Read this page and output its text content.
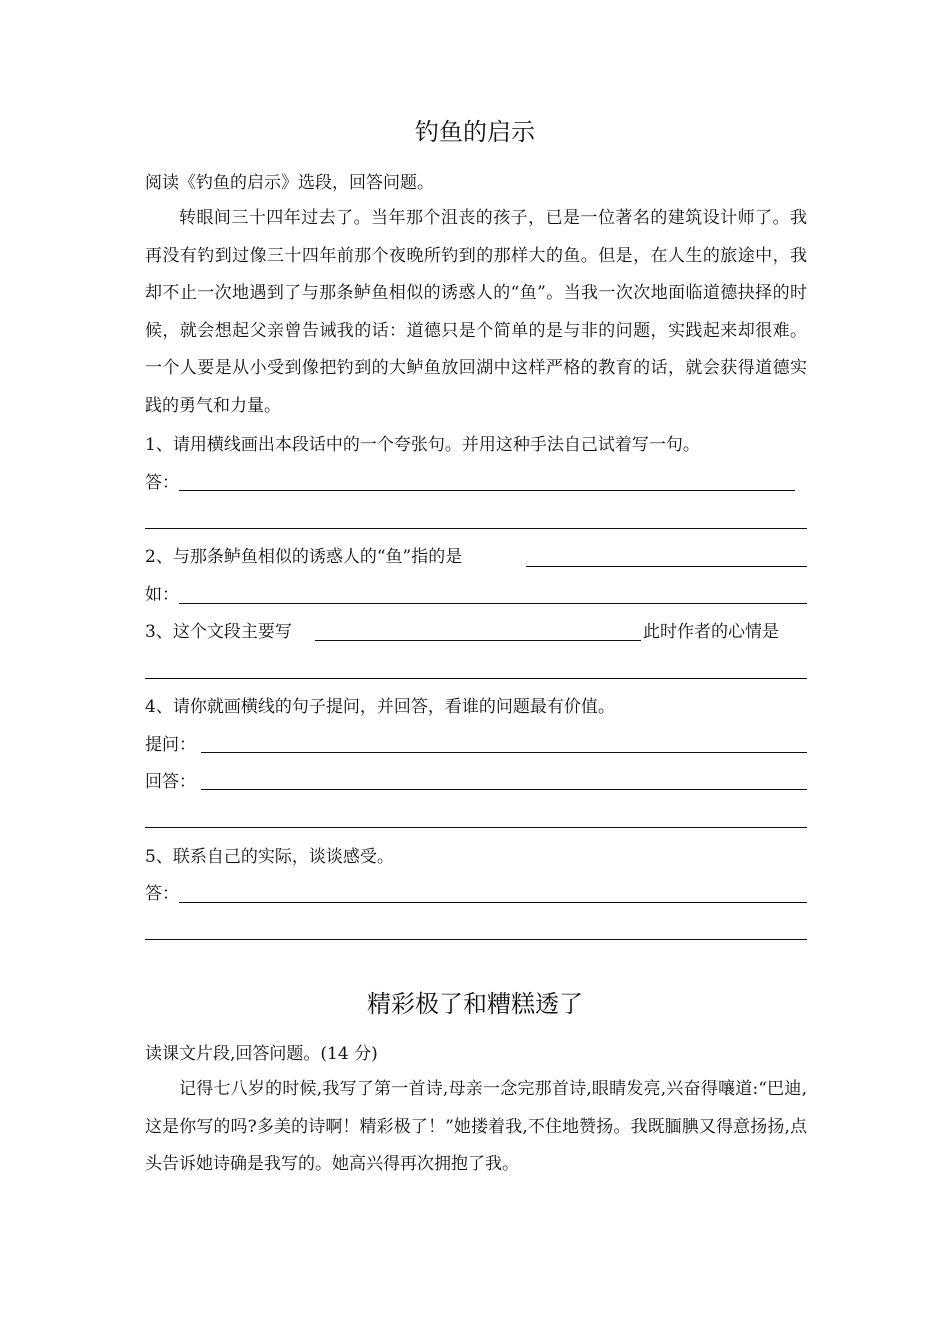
钓鱼的启示
阅读《钓鱼的启示》选段，回答问题。
转眼间三十四年过去了。当年那个沮丧的孩子，已是一位著名的建筑设计师了。我再没有钓到过像三十四年前那个夜晚所钓到的那样大的鱼。但是，在人生的旅途中，我却不止一次地遇到了与那条鲈鱼相似的诱惑人的“鱼”。当我一次次地面临道德抉择的时候，就会想起父亲曾告诫我的话：道德只是个简单的是与非的问题，实践起来却很难。一个人要是从小受到像把钓到的大鲈鱼放回湖中这样严格的教育的话，就会获得道德实践的勇气和力量。
1、请用横线画出本段话中的一个夸张句。并用这种手法自己试着写一句。
答：
2、与那条鲈鱼相似的诱惑人的“鱼”指的是
如：
3、这个文段主要写	此时作者的心情是
4、请你就画横线的句子提问，并回答，看谁的问题最有价值。
提问：
回答：
5、联系自己的实际，谈谈感受。
答：
精彩极了和糟糕透了
读课文片段,回答问题。(14 分)
记得七八岁的时候,我写了第一首诗,母亲一念完那首诗,眼睛发亮,兴奋得嚷道:“巴迪,这是你写的吗?多美的诗啊！精彩极了！”她搂着我,不住地赞扬。我既腼腆又得意扬扬,点头告诉她诗确是我写的。她高兴得再次拥抱了我。
